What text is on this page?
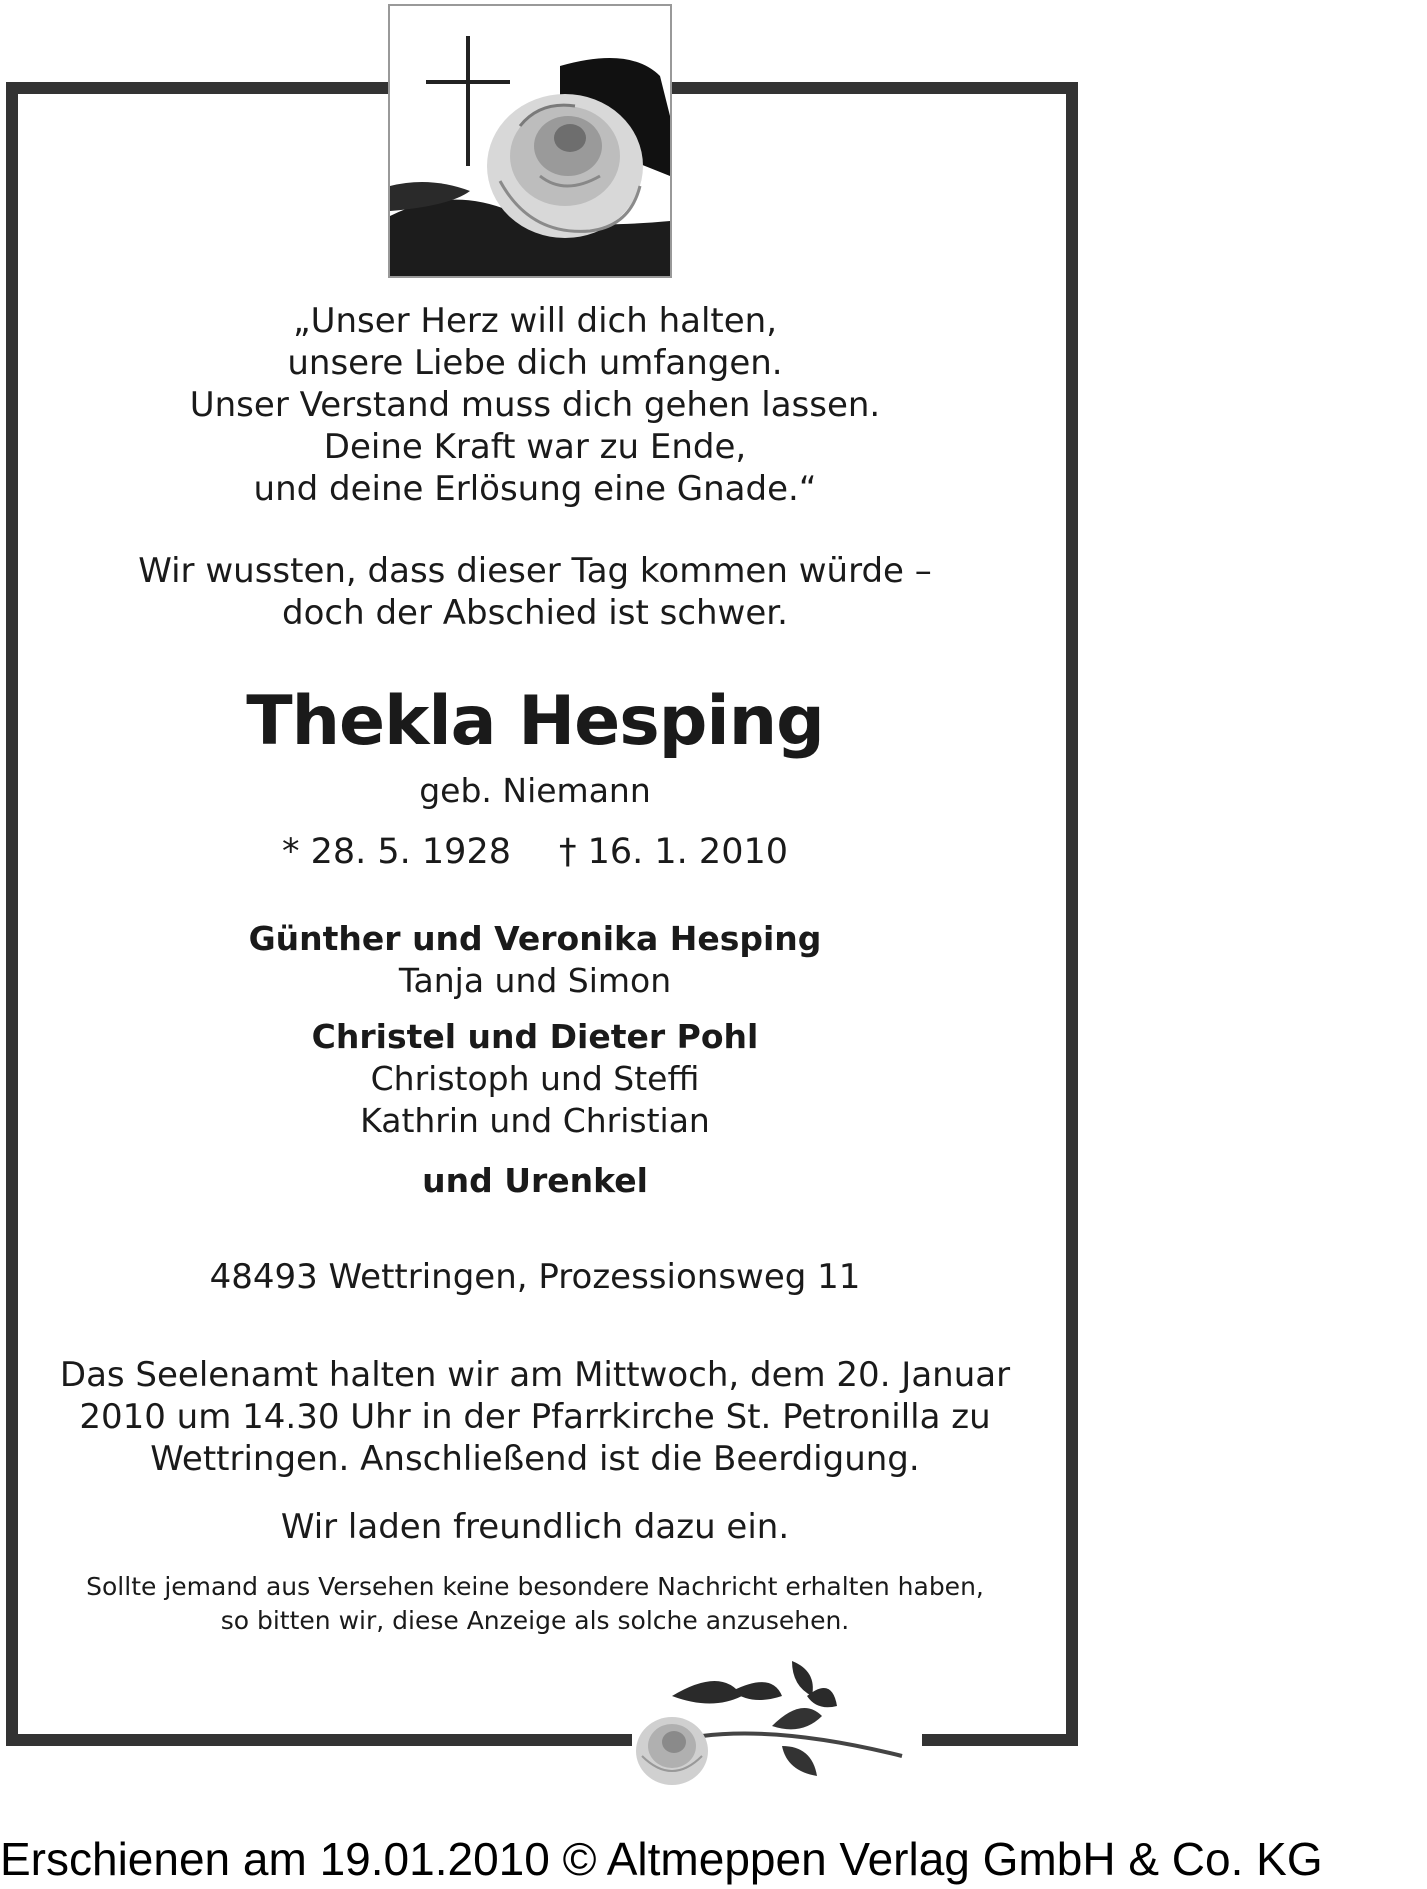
„Unser Herz will dich halten,
unsere Liebe dich umfangen.
Unser Verstand muss dich gehen lassen.
Deine Kraft war zu Ende,
und deine Erlösung eine Gnade.“
Wir wussten, dass dieser Tag kommen würde –
doch der Abschied ist schwer.
Thekla Hesping
geb. Niemann
* 28. 5. 1928 † 16. 1. 2010
Günther und Veronika Hesping
Tanja und Simon
Christel und Dieter Pohl
Christoph und Steffi
Kathrin und Christian
und Urenkel
48493 Wettringen, Prozessionsweg 11
Das Seelenamt halten wir am Mittwoch, dem 20. Januar
2010 um 14.30 Uhr in der Pfarrkirche St. Petronilla zu
Wettringen. Anschließend ist die Beerdigung.
Wir laden freundlich dazu ein.
Sollte jemand aus Versehen keine besondere Nachricht erhalten haben,
so bitten wir, diese Anzeige als solche anzusehen.
Erschienen am 19.01.2010 © Altmeppen Verlag GmbH & Co. KG
